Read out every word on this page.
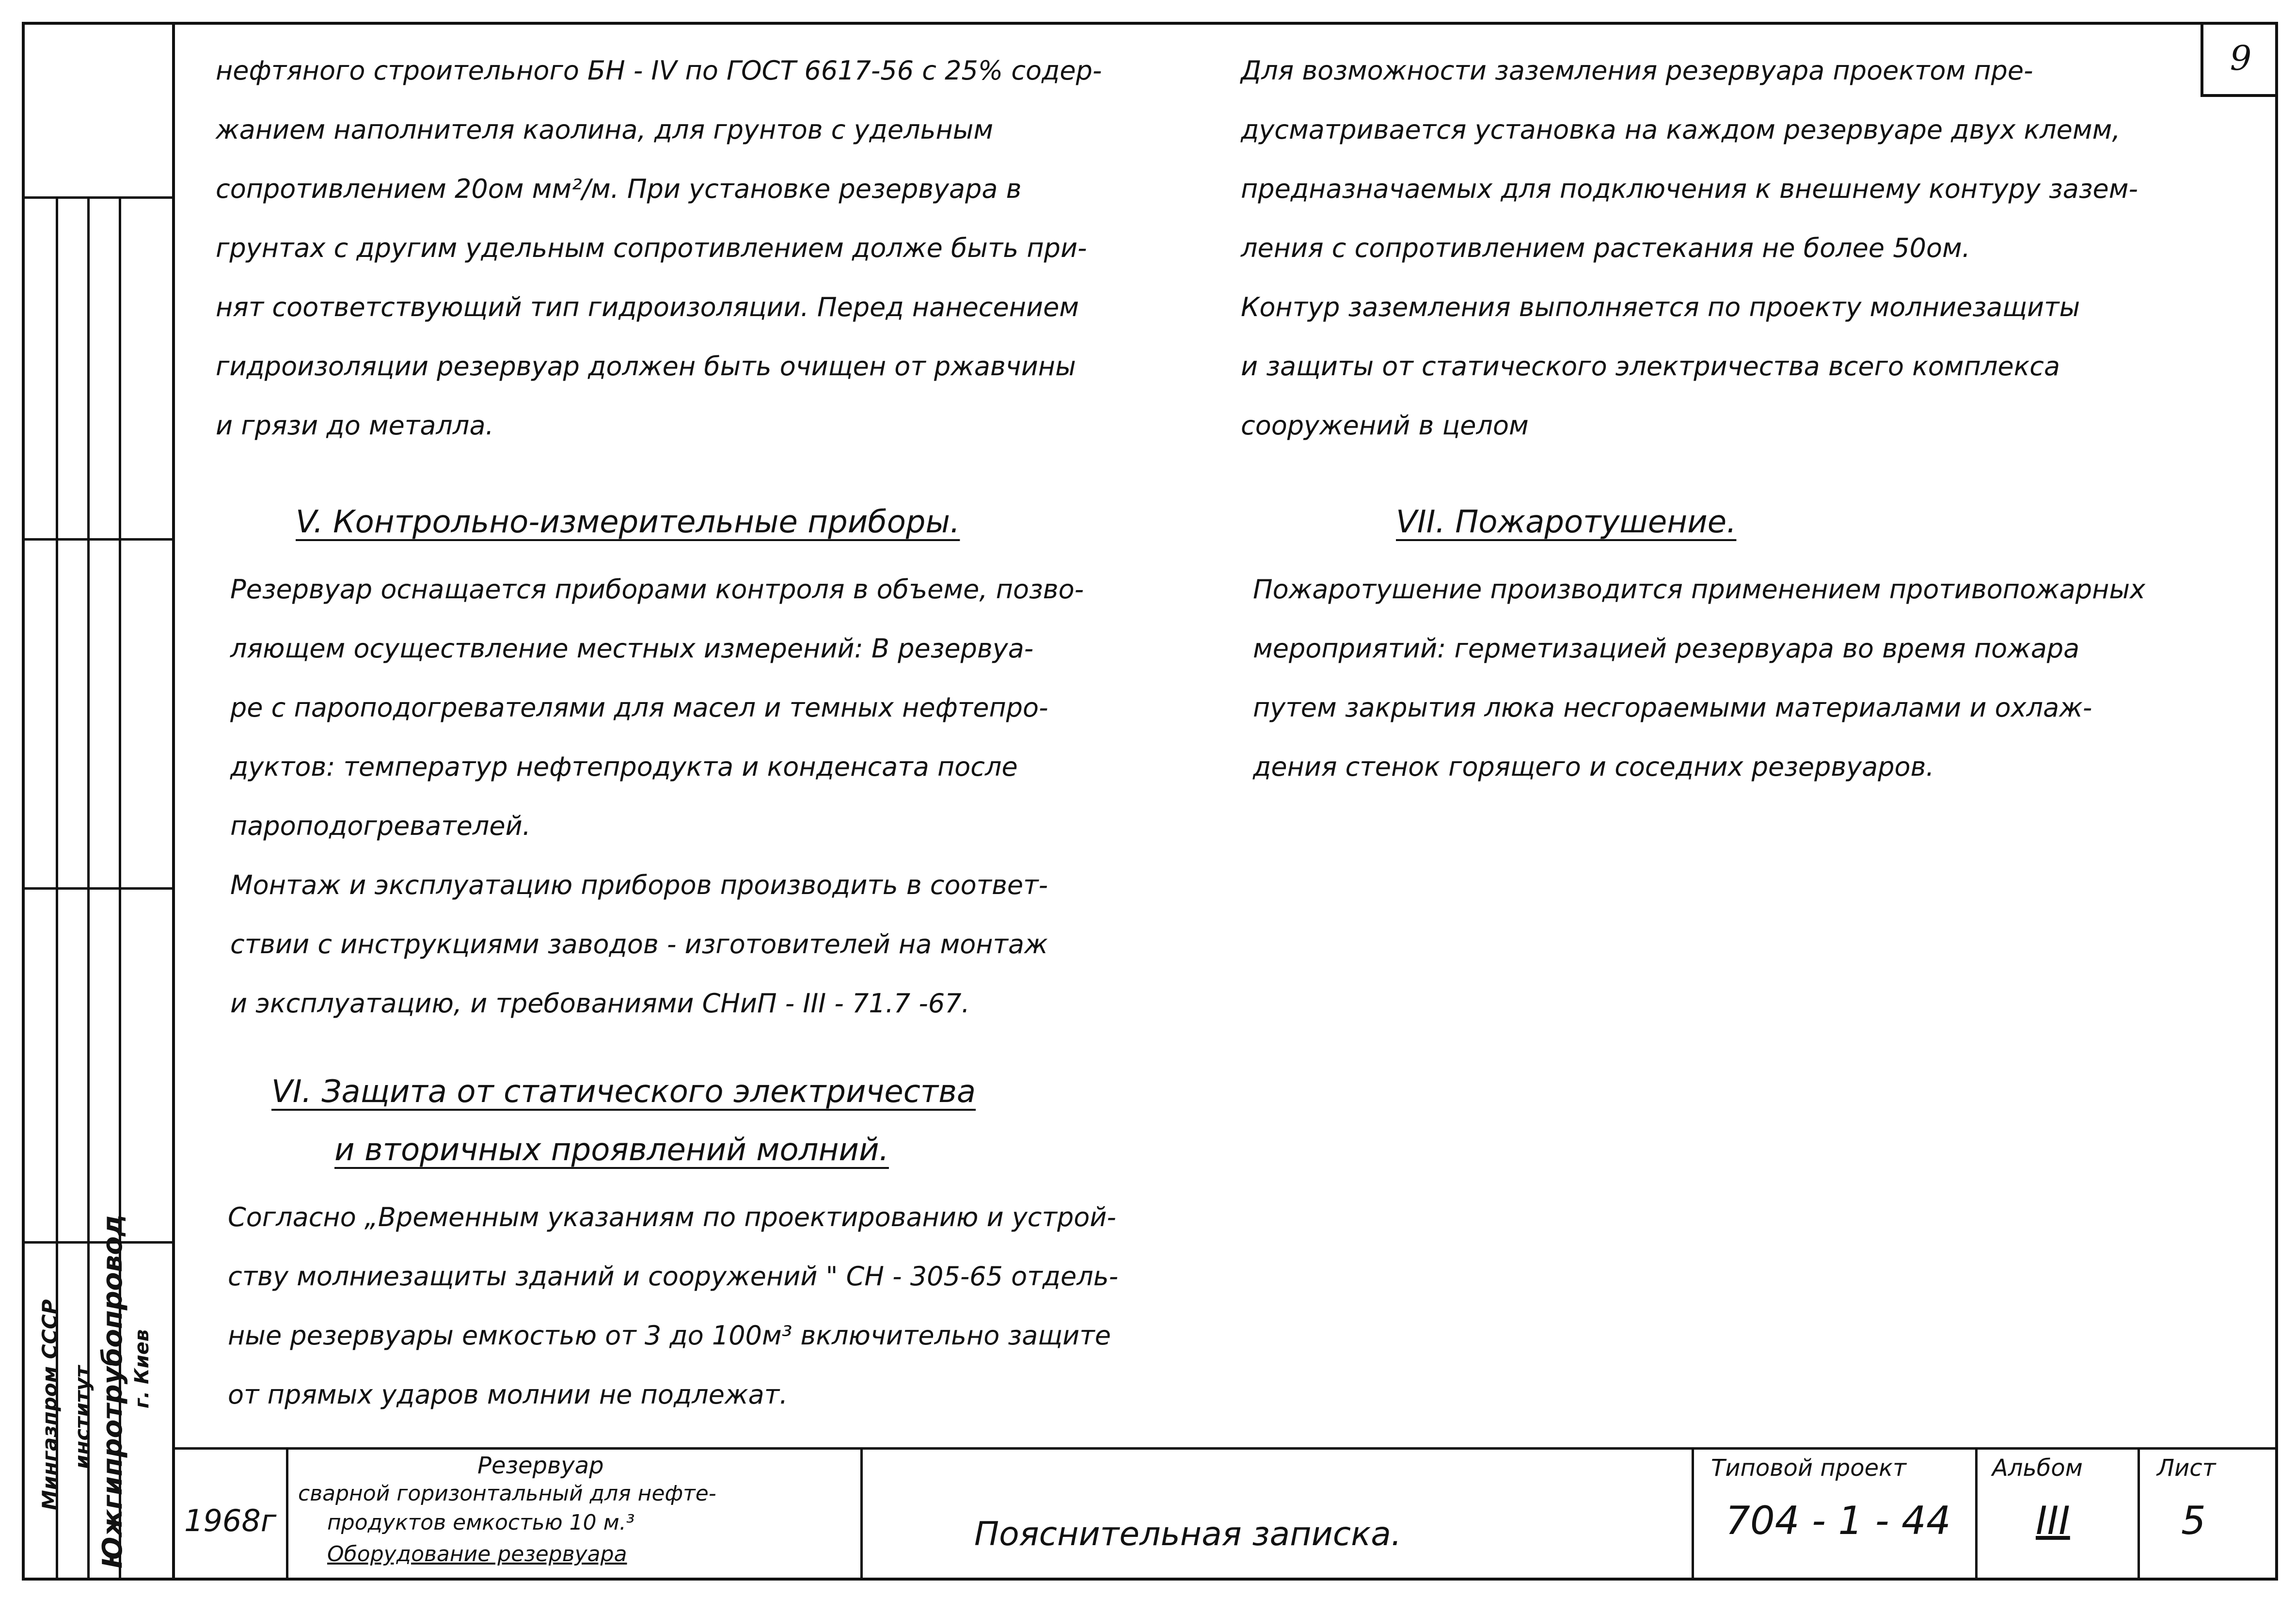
9

нефтяного строительного БН - IV по ГОСТ 6617-56 с 25% содер-

жанием наполнителя каолина, для грунтов с удельным

сопротивлением 20ом мм²/м. При установке резервуара в

грунтах с другим удельным сопротивлением долже быть при-

нят соответствующий тип гидроизоляции. Перед нанесением

гидроизоляции резервуар должен быть очищен от ржавчины

и грязи до металла.

V. Контрольно-измерительные приборы.

Резервуар оснащается приборами контроля в объеме, позво-

ляющем осуществление местных измерений: В резервуа-

ре с пароподогревателями для масел и темных нефтепро-

дуктов: температур нефтепродукта и конденсата после

пароподогревателей.

Монтаж и эксплуатацию приборов производить в соответ-

ствии с инструкциями заводов - изготовителей на монтаж

и эксплуатацию, и требованиями СНиП - III - 71.7 -67.

VI. Защита от статического электричества
и вторичных проявлений молний.

Согласно „Временным указаниям по проектированию и устрой-

ству молниезащиты зданий и сооружений " СН - 305-65 отдель-

ные резервуары емкостью от 3 до 100м³ включительно защите

от прямых ударов молнии не подлежат.

Для возможности заземления резервуара проектом пре-

дусматривается установка на каждом резервуаре двух клемм,

предназначаемых для подключения к внешнему контуру зазем-

ления с сопротивлением растекания не более 50ом.

Контур заземления выполняется по проекту молниезащиты

и защиты от статического электричества всего комплекса

сооружений в целом

VII. Пожаротушение.

Пожаротушение производится применением противопожарных

мероприятий: герметизацией резервуара во время пожара

путем закрытия люка несгораемыми материалами и охлаж-

дения стенок горящего и соседних резервуаров.

Мингазпром СССР институт Южгипротрубопровод г. Киев
1968г
Резервуар
сварной горизонтальный для нефте-
продуктов емкостью 10 м.³
Оборудование резервуара
Пояснительная записка.
Типовой проект
704 - 1 - 44
Альбом
III
Лист
5
